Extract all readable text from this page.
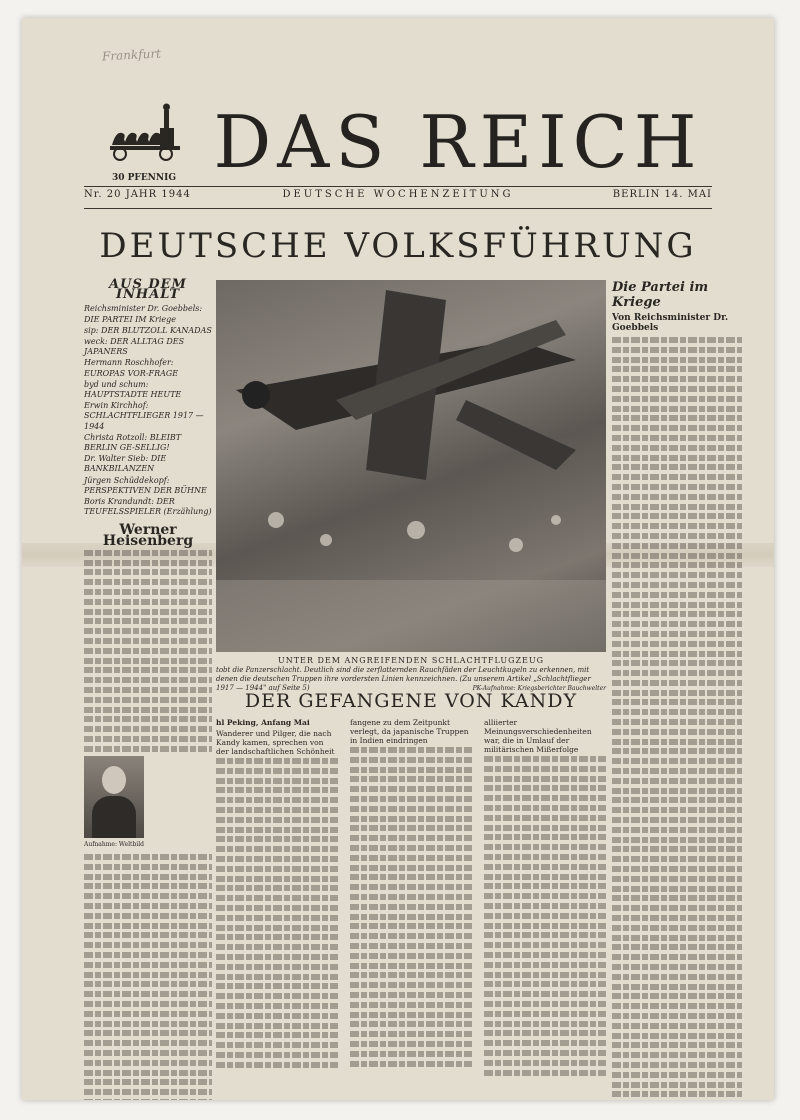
Frankfurt
DAS REICH
30 PFENNIG
Nr. 20 JAHR 1944	DEUTSCHE WOCHENZEITUNG	BERLIN 14. MAI
DEUTSCHE VOLKSFÜHRUNG
AUS DEM INHALT

Reichsminister Dr. Goebbels: DIE PARTEI IM Kriege

sip: DER BLUTZOLL KANADAS

weck: DER ALLTAG DES JAPANERS

Hermann Roschhofer: EUROPAS VOR-FRAGE

byd und schum: HAUPTSTADTE HEUTE

Erwin Kirchhof: SCHLACHTFLIEGER 1917 — 1944

Christa Rotzoll: BLEIBT BERLIN GE-SELLIG!

Dr. Walter Sieb: DIE BANKBILANZEN

Jürgen Schüddekopf: PERSPEKTIVEN DER BÜHNE

Boris Krandundt: DER TEUFELSSPIELER (Erzählung)

Werner Heisenberg
Aufnahme: Weltbild
UNTER DEM ANGREIFENDEN SCHLACHTFLUGZEUG
tobt die Panzerschlacht. Deutlich sind die zerflatternden Rauchfäden der Leuchtkugeln zu erkennen, mit denen die deutschen Truppen ihre vordersten Linien kennzeichnen. (Zu unserem Artikel „Schlachtflieger 1917 — 1944" auf Seite 5)	PK-Aufnahme: Kriegsberichter Bauchwelter
Die Partei im Kriege
Von Reichsminister Dr. Goebbels
DER GEFANGENE VON KANDY
hl Peking, Anfang Mai
Wanderer und Pilger, die nach Kandy kamen, sprechen von der landschaftlichen Schönheit
fangene zu dem Zeitpunkt verlegt, da japanische Truppen in Indien eindringen
alliierter Meinungsverschiedenheiten war, die in Umlauf der militärischen Mißerfolge
